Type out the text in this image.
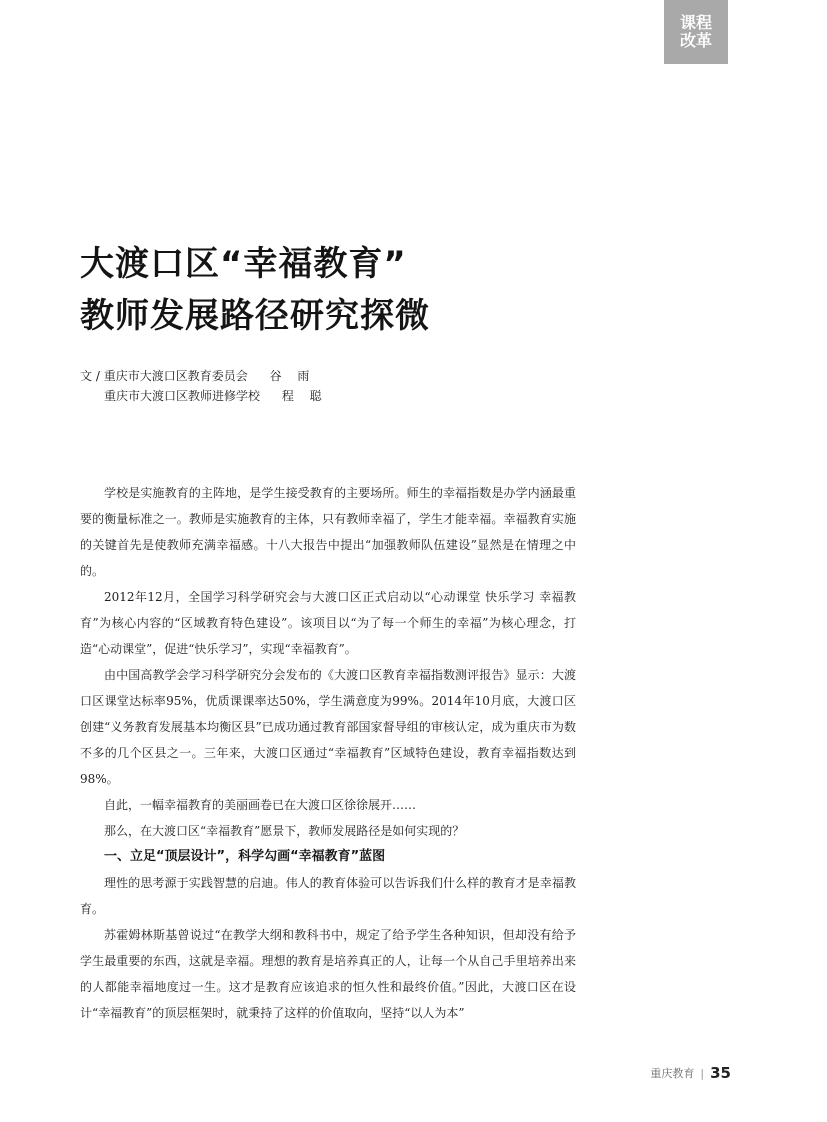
课程
改革
大渡口区“幸福教育”
教师发展路径研究探微
文 / 重庆市大渡口区教育委员会 谷 雨
重庆市大渡口区教师进修学校 程 聪

学校是实施教育的主阵地，是学生接受教育的主要场所。师生的幸福指数是办学内涵最重要的衡量标准之一。教师是实施教育的主体，只有教师幸福了，学生才能幸福。幸福教育实施的关键首先是使教师充满幸福感。十八大报告中提出“加强教师队伍建设”显然是在情理之中的。

2012年12月，全国学习科学研究会与大渡口区正式启动以“心动课堂 快乐学习 幸福教育”为核心内容的“区域教育特色建设”。该项目以“为了每一个师生的幸福”为核心理念，打造“心动课堂”，促进“快乐学习”，实现“幸福教育”。

由中国高教学会学习科学研究分会发布的《大渡口区教育幸福指数测评报告》显示：大渡口区课堂达标率95%，优质课课率达50%，学生满意度为99%。2014年10月底，大渡口区创建“义务教育发展基本均衡区县”已成功通过教育部国家督导组的审核认定，成为重庆市为数不多的几个区县之一。三年来，大渡口区通过“幸福教育”区域特色建设，教育幸福指数达到98%。

自此，一幅幸福教育的美丽画卷已在大渡口区徐徐展开……

那么，在大渡口区“幸福教育”愿景下，教师发展路径是如何实现的？

一、立足“顶层设计”，科学勾画“幸福教育”蓝图

理性的思考源于实践智慧的启迪。伟人的教育体验可以告诉我们什么样的教育才是幸福教育。

苏霍姆林斯基曾说过“在教学大纲和教科书中，规定了给予学生各种知识，但却没有给予学生最重要的东西，这就是幸福。理想的教育是培养真正的人，让每一个从自己手里培养出来的人都能幸福地度过一生。这才是教育应该追求的恒久性和最终价值。”因此，大渡口区在设计“幸福教育”的顶层框架时，就秉持了这样的价值取向，坚持“以人为本”

重庆教育 | 35
